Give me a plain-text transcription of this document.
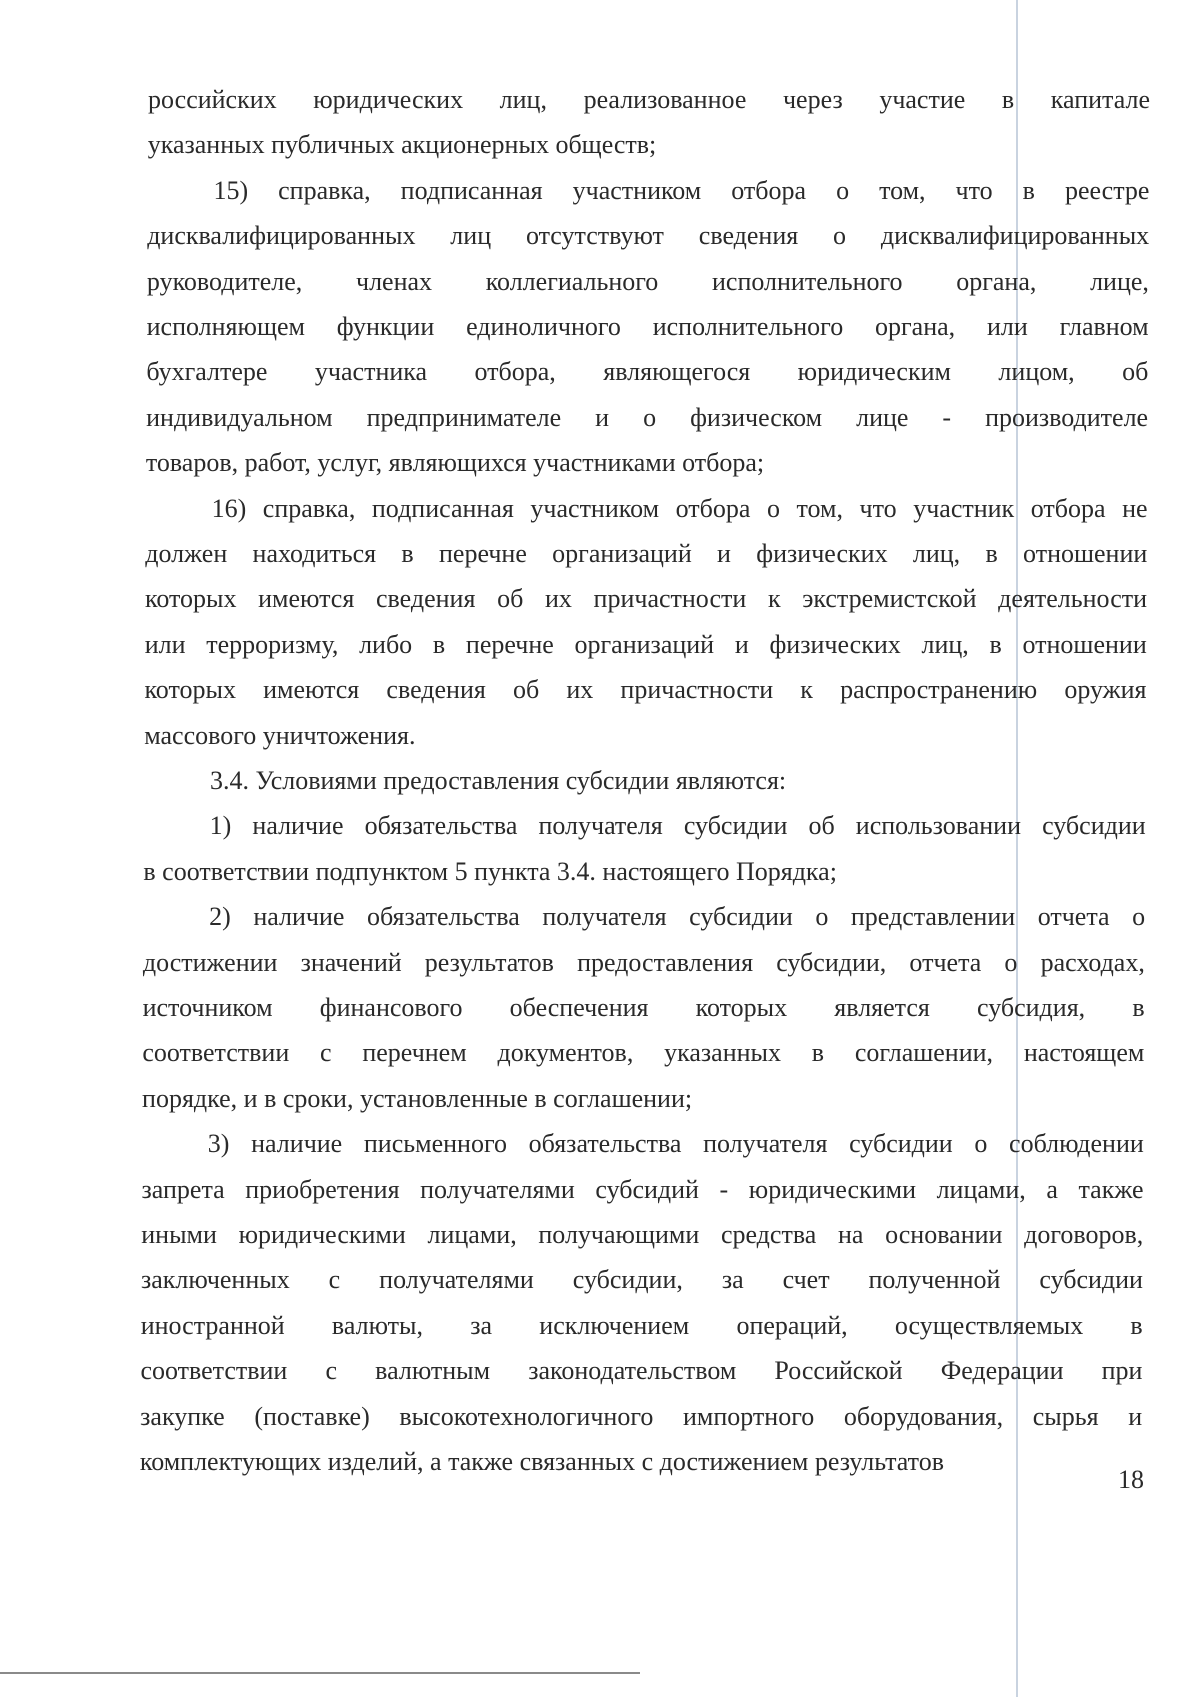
российских юридических лиц, реализованное через участие в капитале
указанных публичных акционерных обществ;
15) справка, подписанная участником отбора о том, что в реестре
дисквалифицированных лиц отсутствуют сведения о дисквалифицированных
руководителе, членах коллегиального исполнительного органа, лице,
исполняющем функции единоличного исполнительного органа, или главном
бухгалтере участника отбора, являющегося юридическим лицом, об
индивидуальном предпринимателе и о физическом лице - производителе
товаров, работ, услуг, являющихся участниками отбора;
16) справка, подписанная участником отбора о том, что участник отбора не
должен находиться в перечне организаций и физических лиц, в отношении
которых имеются сведения об их причастности к экстремистской деятельности
или терроризму, либо в перечне организаций и физических лиц, в отношении
которых имеются сведения об их причастности к распространению оружия
массового уничтожения.
3.4. Условиями предоставления субсидии являются:
1) наличие обязательства получателя субсидии об использовании субсидии
в соответствии подпунктом 5 пункта 3.4. настоящего Порядка;
2) наличие обязательства получателя субсидии о представлении отчета о
достижении значений результатов предоставления субсидии, отчета о расходах,
источником финансового обеспечения которых является субсидия, в
соответствии с перечнем документов, указанных в соглашении, настоящем
порядке, и в сроки, установленные в соглашении;
3) наличие письменного обязательства получателя субсидии о соблюдении
запрета приобретения получателями субсидий - юридическими лицами, а также
иными юридическими лицами, получающими средства на основании договоров,
заключенных с получателями субсидии, за счет полученной субсидии
иностранной валюты, за исключением операций, осуществляемых в
соответствии с валютным законодательством Российской Федерации при
закупке (поставке) высокотехнологичного импортного оборудования, сырья и
комплектующих изделий, а также связанных с достижением результатов
18
